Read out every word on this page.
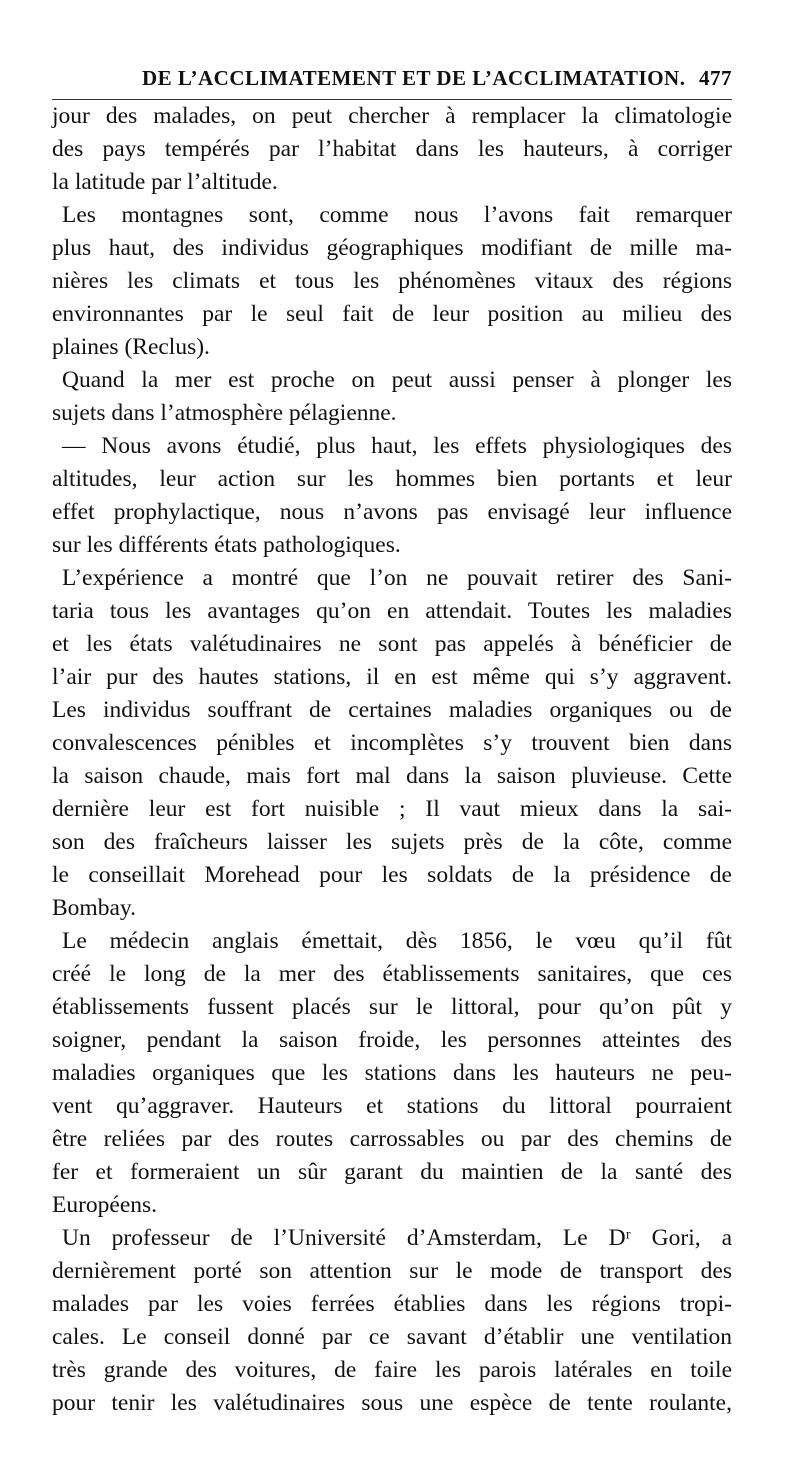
DE L’ACCLIMATEMENT ET DE L’ACCLIMATATION. 477
jour des malades, on peut chercher à remplacer la climatologie
des pays tempérés par l’habitat dans les hauteurs, à corriger
la latitude par l’altitude.
Les montagnes sont, comme nous l’avons fait remarquer
plus haut, des individus géographiques modifiant de mille ma-
nières les climats et tous les phénomènes vitaux des régions
environnantes par le seul fait de leur position au milieu des
plaines (Reclus).
Quand la mer est proche on peut aussi penser à plonger les
sujets dans l’atmosphère pélagienne.
— Nous avons étudié, plus haut, les effets physiologiques des
altitudes, leur action sur les hommes bien portants et leur
effet prophylactique, nous n’avons pas envisagé leur influence
sur les différents états pathologiques.
L’expérience a montré que l’on ne pouvait retirer des Sani-
taria tous les avantages qu’on en attendait. Toutes les maladies
et les états valétudinaires ne sont pas appelés à bénéficier de
l’air pur des hautes stations, il en est même qui s’y aggravent.
Les individus souffrant de certaines maladies organiques ou de
convalescences pénibles et incomplètes s’y trouvent bien dans
la saison chaude, mais fort mal dans la saison pluvieuse. Cette
dernière leur est fort nuisible ; Il vaut mieux dans la sai-
son des fraîcheurs laisser les sujets près de la côte, comme
le conseillait Morehead pour les soldats de la présidence de
Bombay.
Le médecin anglais émettait, dès 1856, le vœu qu’il fût
créé le long de la mer des établissements sanitaires, que ces
établissements fussent placés sur le littoral, pour qu’on pût y
soigner, pendant la saison froide, les personnes atteintes des
maladies organiques que les stations dans les hauteurs ne peu-
vent qu’aggraver. Hauteurs et stations du littoral pourraient
être reliées par des routes carrossables ou par des chemins de
fer et formeraient un sûr garant du maintien de la santé des
Européens.
Un professeur de l’Université d’Amsterdam, Le Dʳ Gori, a
dernièrement porté son attention sur le mode de transport des
malades par les voies ferrées établies dans les régions tropi-
cales. Le conseil donné par ce savant d’établir une ventilation
très grande des voitures, de faire les parois latérales en toile
pour tenir les valétudinaires sous une espèce de tente roulante,
